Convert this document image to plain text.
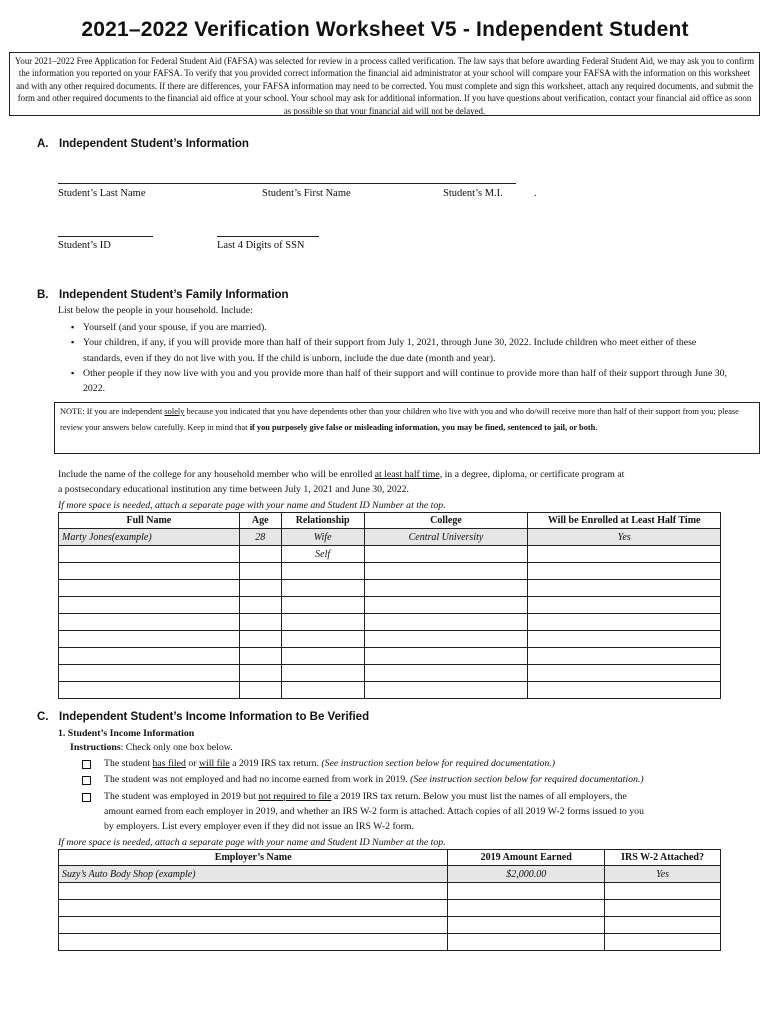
2021–2022 Verification Worksheet V5 - Independent Student
Your 2021–2022 Free Application for Federal Student Aid (FAFSA) was selected for review in a process called verification. The law says that before awarding Federal Student Aid, we may ask you to confirm the information you reported on your FAFSA. To verify that you provided correct information the financial aid administrator at your school will compare your FAFSA with the information on this worksheet and with any other required documents. If there are differences, your FAFSA information may need to be corrected. You must complete and sign this worksheet, attach any required documents, and submit the form and other required documents to the financial aid office at your school. Your school may ask for additional information. If you have questions about verification, contact your financial aid office as soon as possible so that your financial aid will not be delayed.
A. Independent Student’s Information
Student’s Last Name	Student’s First Name	Student’s M.I.	.
Student’s ID	Last 4 Digits of SSN
B. Independent Student’s Family Information
List below the people in your household. Include:
▪ Yourself (and your spouse, if you are married).
▪ Your children, if any, if you will provide more than half of their support from July 1, 2021, through June 30, 2022. Include children who meet either of these standards, even if they do not live with you. If the child is unborn, include the due date (month and year).
▪ Other people if they now live with you and you provide more than half of their support and will continue to provide more than half of their support through June 30, 2022.
NOTE: If you are independent solely because you indicated that you have dependents other than your children who live with you and who do/will receive more than half of their support from you; please review your answers below carefully. Keep in mind that if you purposely give false or misleading information, you may be fined, sentenced to jail, or both.
Include the name of the college for any household member who will be enrolled at least half time, in a degree, diploma, or certificate program at
a postsecondary educational institution any time between July 1, 2021 and June 30, 2022.
If more space is needed, attach a separate page with your name and Student ID Number at the top.
Full Name	Age	Relationship	College	Will be Enrolled at Least Half Time
Marty Jones(example)	28	Wife	Central University	Yes
		Self		

C. Independent Student’s Income Information to Be Verified
1. Student’s Income Information
Instructions: Check only one box below.
The student has filed or will file a 2019 IRS tax return. (See instruction section below for required documentation.)
The student was not employed and had no income earned from work in 2019. (See instruction section below for required documentation.)
The student was employed in 2019 but not required to file a 2019 IRS tax return. Below you must list the names of all employers, the
amount earned from each employer in 2019, and whether an IRS W-2 form is attached. Attach copies of all 2019 W-2 forms issued to you
by employers. List every employer even if they did not issue an IRS W-2 form.
If more space is needed, attach a separate page with your name and Student ID Number at the top.
Employer’s Name	2019 Amount Earned	IRS W-2 Attached?
Suzy’s Auto Body Shop (example)	$2,000.00	Yes
